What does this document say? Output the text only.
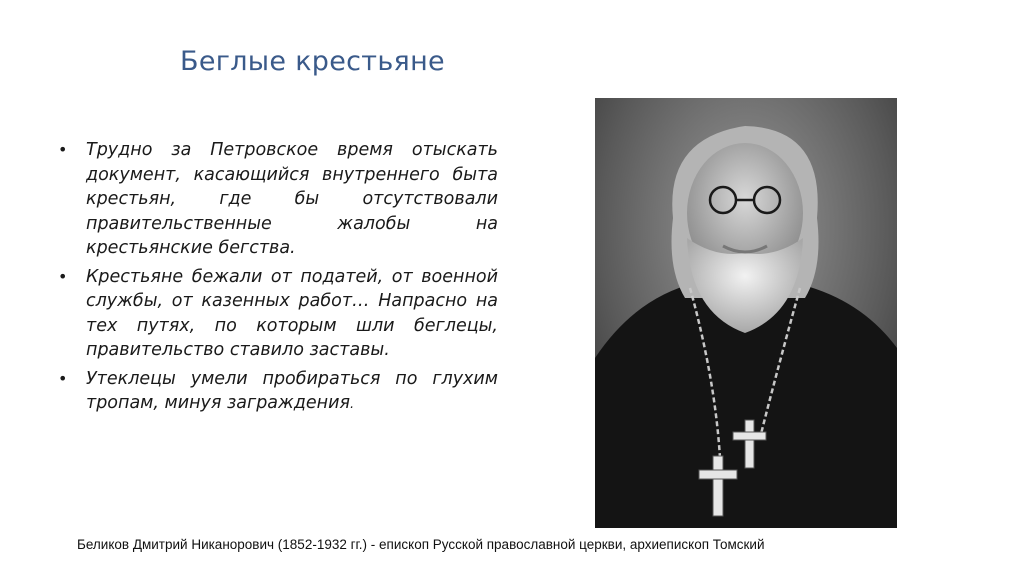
Беглые крестьяне
• Трудно за Петровское время отыскать документ, касающийся внутреннего быта крестьян, где бы отсутствовали правительственные жалобы на крестьянские бегства.
• Крестьяне бежали от податей, от военной службы, от казенных работ… Напрасно на тех путях, по которым шли беглецы, правительство ставило заставы.
• Утеклецы умели пробираться по глухим тропам, минуя заграждения.
Беликов Дмитрий Никанорович (1852-1932 гг.) - епископ Русской православной церкви, архиепископ Томский
